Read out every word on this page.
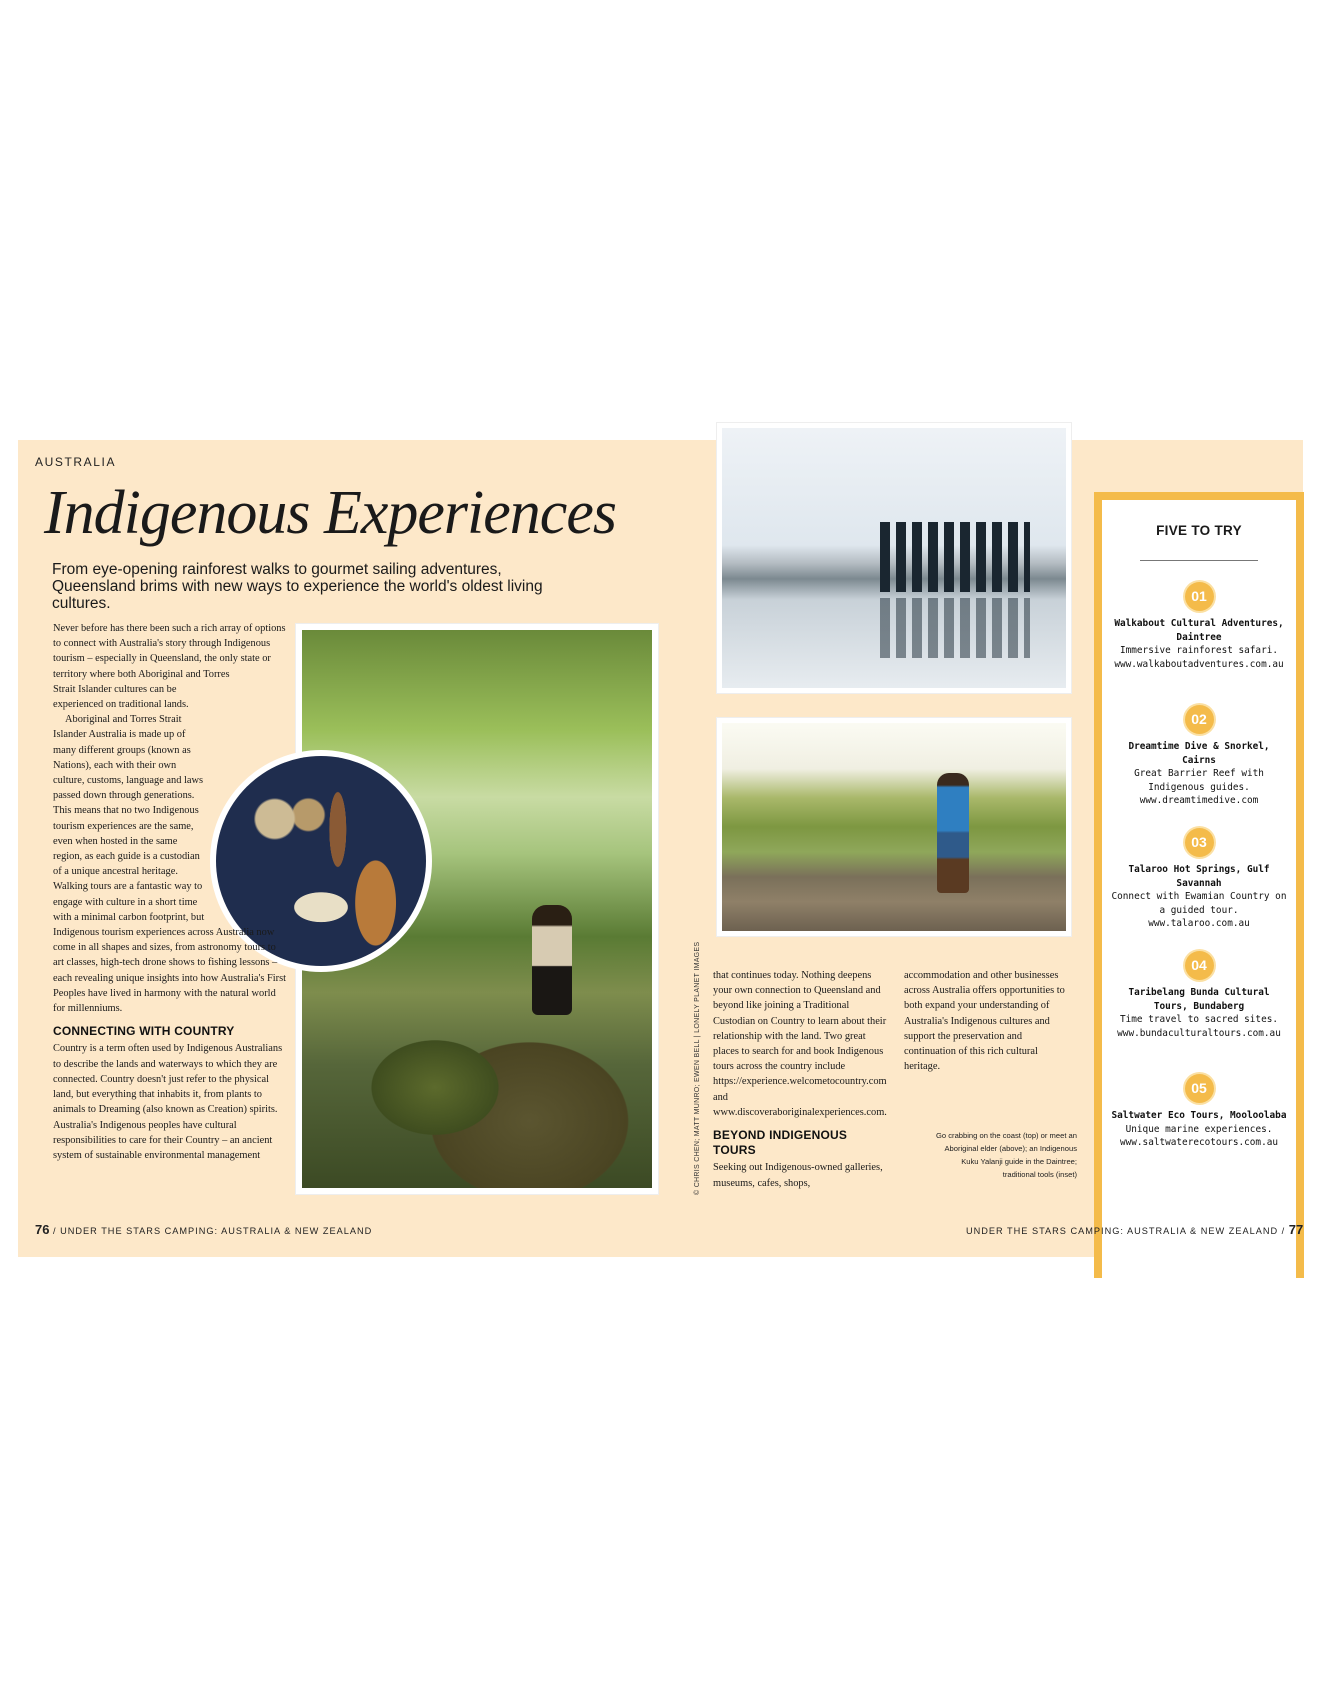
AUSTRALIA
Indigenous Experiences

From eye-opening rainforest walks to gourmet sailing adventures, Queensland brims with new ways to experience the world's oldest living cultures.

Never before has there been such a rich array of options to connect with Australia's story through Indigenous tourism – especially in Queensland, the only state or territory where both Aboriginal and Torres Strait Islander cultures can be experienced on traditional lands.

Aboriginal and Torres Strait Islander Australia is made up of many different groups (known as Nations), each with their own culture, customs, language and laws passed down through generations. This means that no two Indigenous tourism experiences are the same, even when hosted in the same region, as each guide is a custodian of a unique ancestral heritage. Walking tours are a fantastic way to engage with culture in a short time with a minimal carbon footprint, but Indigenous tourism experiences across Australia now come in all shapes and sizes, from astronomy tours to art classes, high-tech drone shows to fishing lessons – each revealing unique insights into how Australia's First Peoples have lived in harmony with the natural world for millenniums.

CONNECTING WITH COUNTRY

Country is a term often used by Indigenous Australians to describe the lands and waterways to which they are connected. Country doesn't just refer to the physical land, but everything that inhabits it, from plants to animals to Dreaming (also known as Creation) spirits. Australia's Indigenous peoples have cultural responsibilities to care for their Country – an ancient system of sustainable environmental management	© CHRIS CHEN; MATT MUNRO; EWEN BELL | LONELY PLANET IMAGES that continues today. Nothing deepens your own connection to Queensland and beyond like joining a Traditional Custodian on Country to learn about their relationship with the land. Two great places to search for and book Indigenous tours across the country include https://experience.welcometocountry.com and www.discoveraboriginalexperiences.com.

BEYOND INDIGENOUS TOURS

Seeking out Indigenous-owned galleries, museums, cafes, shops,

accommodation and other businesses across Australia offers opportunities to both expand your understanding of Australia's Indigenous cultures and support the preservation and continuation of this rich cultural heritage.

Go crabbing on the coast (top) or meet an Aboriginal elder (above); an Indigenous Kuku Yalanji guide in the Daintree; traditional tools (inset)
FIVE TO TRY
01
Walkabout Cultural Adventures, Daintree
Immersive rainforest safari.
www.walkaboutadventures.com.au
02
Dreamtime Dive & Snorkel, Cairns
Great Barrier Reef with Indigenous guides.
www.dreamtimedive.com
03
Talaroo Hot Springs, Gulf Savannah
Connect with Ewamian Country on a guided tour.
www.talaroo.com.au
04
Taribelang Bunda Cultural Tours, Bundaberg
Time travel to sacred sites.
www.bundaculturaltours.com.au
05
Saltwater Eco Tours, Mooloolaba
Unique marine experiences.
www.saltwaterecotours.com.au
76 / UNDER THE STARS CAMPING: AUSTRALIA & NEW ZEALAND	UNDER THE STARS CAMPING: AUSTRALIA & NEW ZEALAND / 77
